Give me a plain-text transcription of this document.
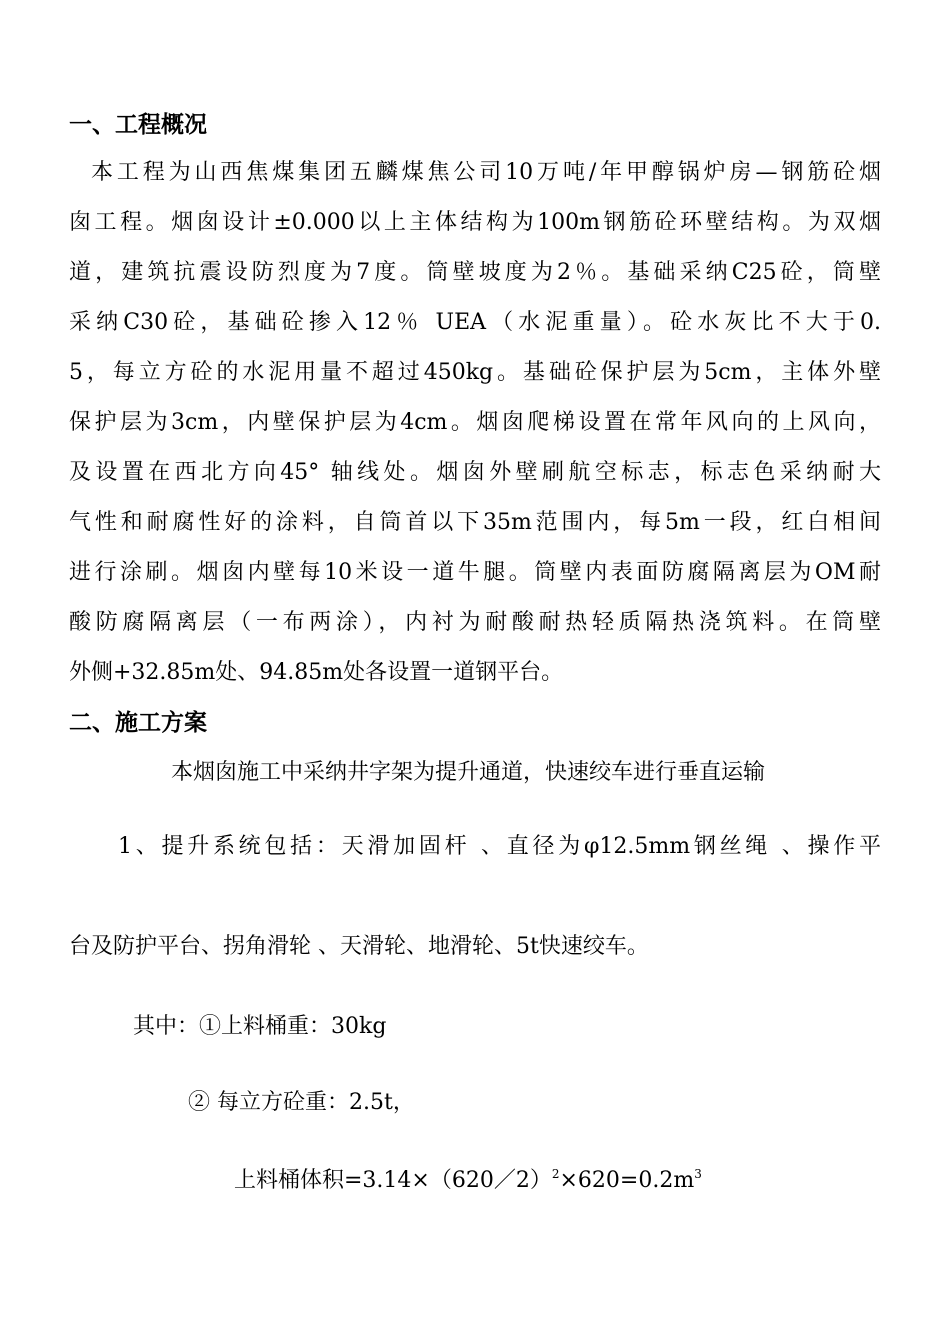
一、工程概况
本工程为山西焦煤集团五麟煤焦公司10万吨/年甲醇锅炉房—钢筋砼烟
囱工程。烟囱设计±0.000以上主体结构为100m钢筋砼环壁结构。为双烟
道，建筑抗震设防烈度为7度。筒壁坡度为2％。基础采纳C25砼，筒壁
采纳C30砼，基础砼掺入12％ UEA（水泥重量）。砼水灰比不大于0.
5，每立方砼的水泥用量不超过450kg。基础砼保护层为5cm，主体外壁
保护层为3cm，内壁保护层为4cm。烟囱爬梯设置在常年风向的上风向，
及设置在西北方向45° 轴线处。烟囱外壁刷航空标志，标志色采纳耐大
气性和耐腐性好的涂料，自筒首以下35m范围内，每5m一段，红白相间
进行涂刷。烟囱内壁每10米设一道牛腿。筒壁内表面防腐隔离层为OM耐
酸防腐隔离层（一布两涂），内衬为耐酸耐热轻质隔热浇筑料。在筒壁
外侧+32.85m处、94.85m处各设置一道钢平台。
二、施工方案
本烟囱施工中采纳井字架为提升通道，快速绞车进行垂直运输
1、提升系统包括：天滑加固杆 、直径为φ12.5mm钢丝绳 、操作平
台及防护平台、拐角滑轮 、天滑轮、地滑轮、5t快速绞车。
其中：①上料桶重：30kg
② 每立方砼重：2.5t，
上料桶体积$=3.14\times(620/2)^2\times 620=0.2m^3$
